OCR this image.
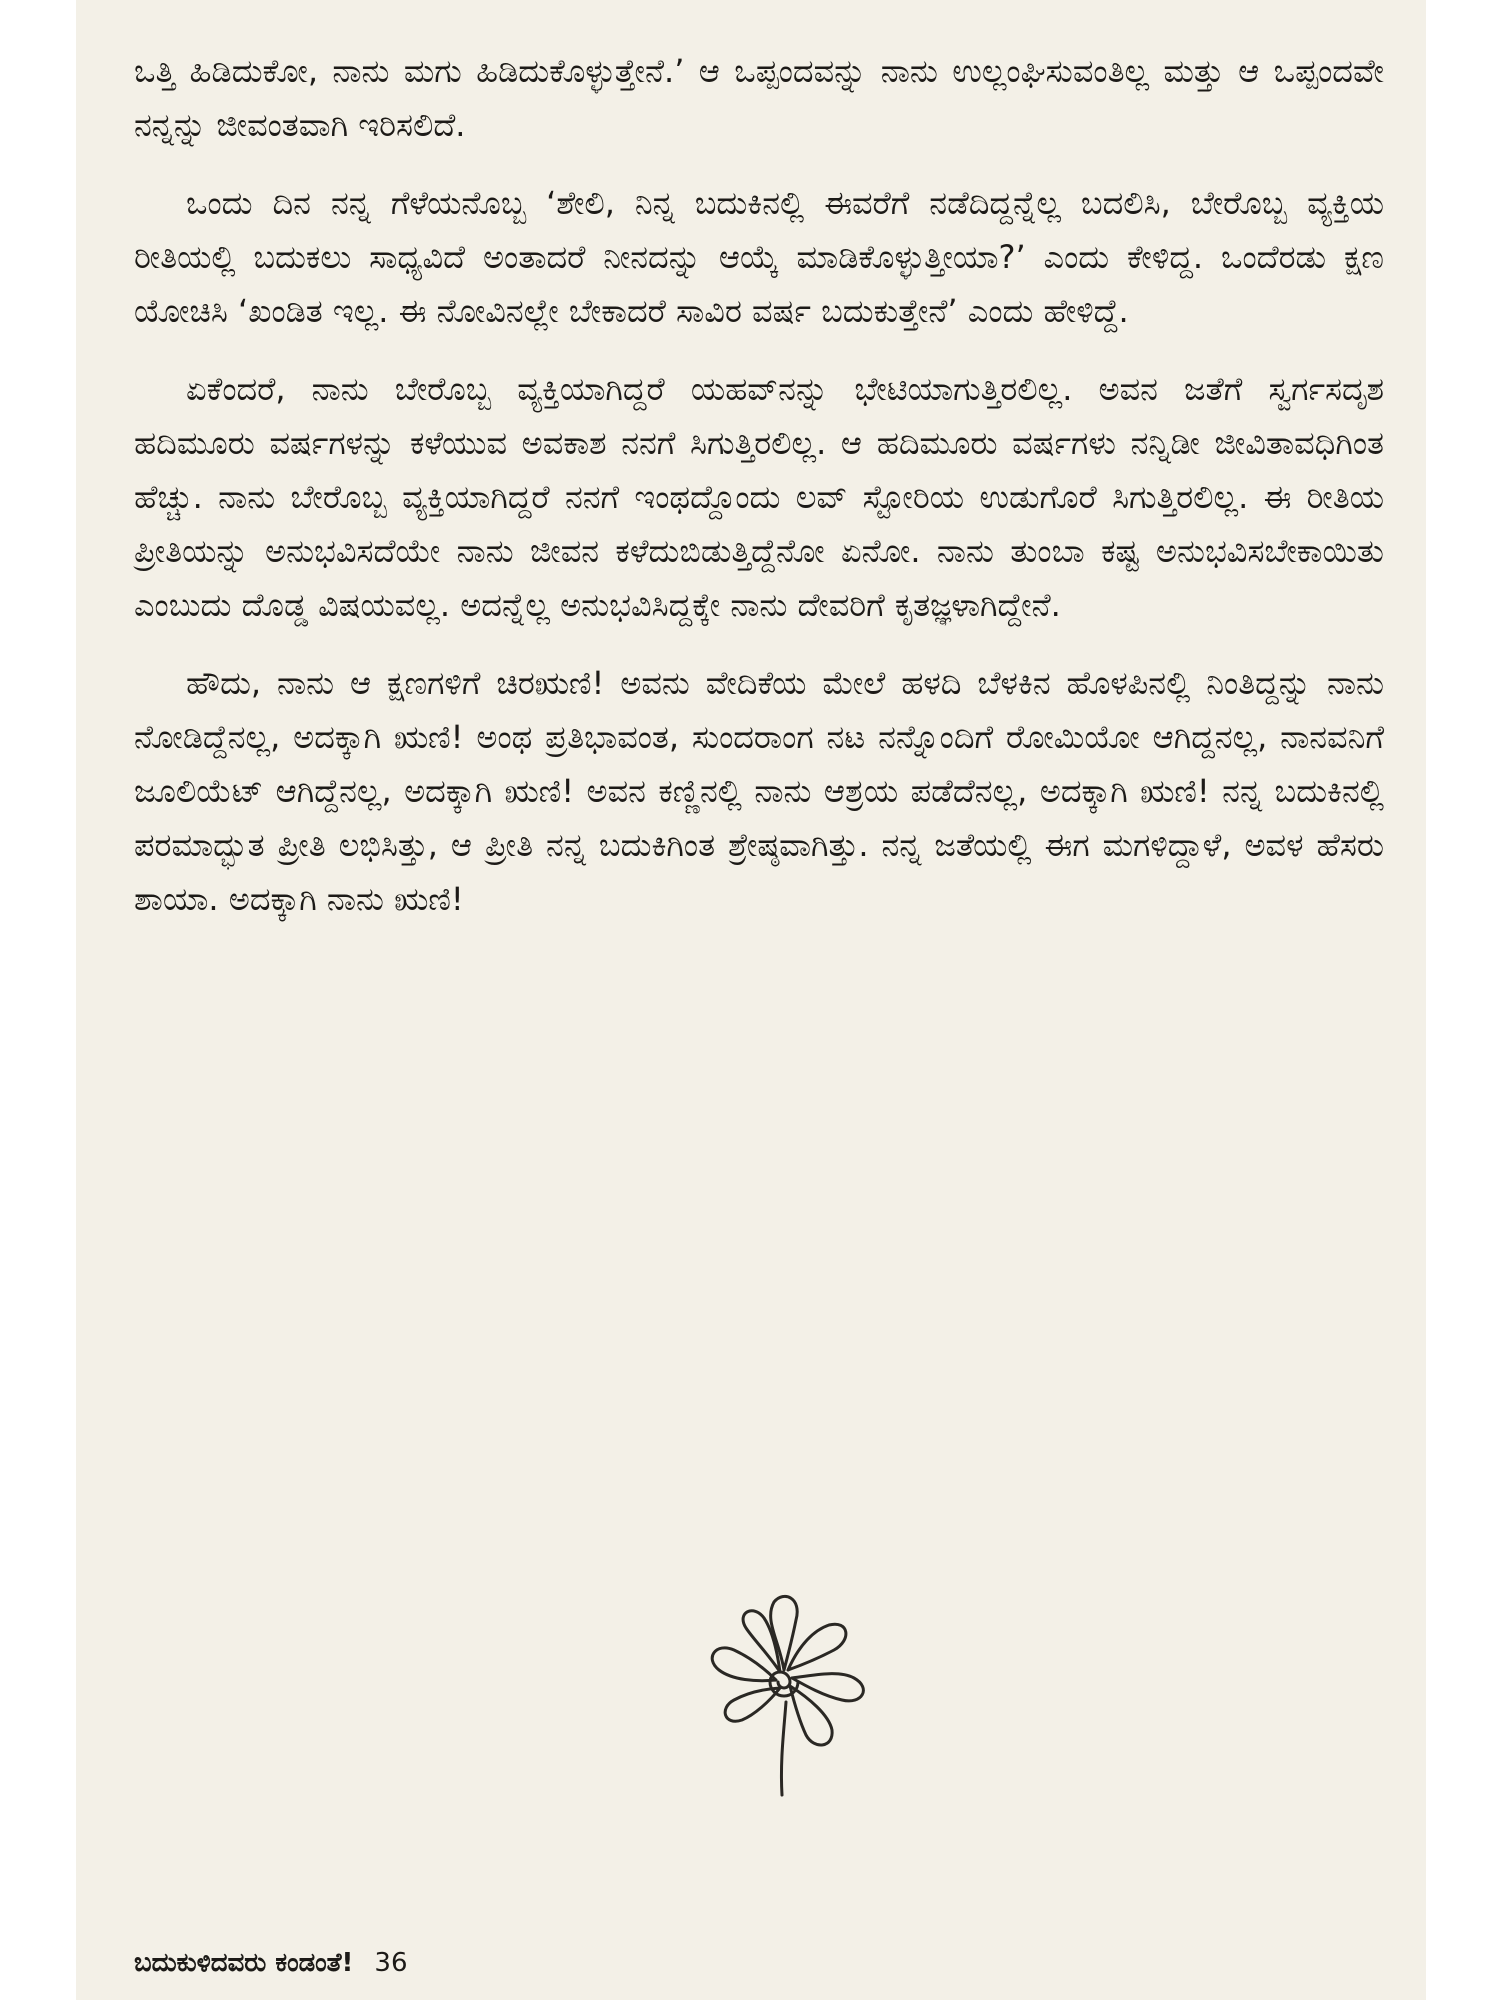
ಒತ್ತಿ ಹಿಡಿದುಕೋ, ನಾನು ಮಗು ಹಿಡಿದುಕೊಳ್ಳುತ್ತೇನೆ.’ ಆ ಒಪ್ಪಂದವನ್ನು ನಾನು ಉಲ್ಲಂಘಿಸುವಂತಿಲ್ಲ ಮತ್ತು ಆ ಒಪ್ಪಂದವೇ ನನ್ನನ್ನು ಜೀವಂತವಾಗಿ ಇರಿಸಲಿದೆ.

ಒಂದು ದಿನ ನನ್ನ ಗೆಳೆಯನೊಬ್ಬ ‘ಶೇಲಿ, ನಿನ್ನ ಬದುಕಿನಲ್ಲಿ ಈವರೆಗೆ ನಡೆದಿದ್ದನ್ನೆಲ್ಲ ಬದಲಿಸಿ, ಬೇರೊಬ್ಬ ವ್ಯಕ್ತಿಯ ರೀತಿಯಲ್ಲಿ ಬದುಕಲು ಸಾಧ್ಯವಿದೆ ಅಂತಾದರೆ ನೀನದನ್ನು ಆಯ್ಕೆ ಮಾಡಿಕೊಳ್ಳುತ್ತೀಯಾ?’ ಎಂದು ಕೇಳಿದ್ದ. ಒಂದೆರಡು ಕ್ಷಣ ಯೋಚಿಸಿ ‘ಖಂಡಿತ ಇಲ್ಲ. ಈ ನೋವಿನಲ್ಲೇ ಬೇಕಾದರೆ ಸಾವಿರ ವರ್ಷ ಬದುಕುತ್ತೇನೆ’ ಎಂದು ಹೇಳಿದ್ದೆ.

ಏಕೆಂದರೆ, ನಾನು ಬೇರೊಬ್ಬ ವ್ಯಕ್ತಿಯಾಗಿದ್ದರೆ ಯಹವ್‌ನನ್ನು ಭೇಟಿಯಾಗುತ್ತಿರಲಿಲ್ಲ. ಅವನ ಜತೆಗೆ ಸ್ವರ್ಗಸದೃಶ ಹದಿಮೂರು ವರ್ಷಗಳನ್ನು ಕಳೆಯುವ ಅವಕಾಶ ನನಗೆ ಸಿಗುತ್ತಿರಲಿಲ್ಲ. ಆ ಹದಿಮೂರು ವರ್ಷಗಳು ನನ್ನಿಡೀ ಜೀವಿತಾವಧಿಗಿಂತ ಹೆಚ್ಚು. ನಾನು ಬೇರೊಬ್ಬ ವ್ಯಕ್ತಿಯಾಗಿದ್ದರೆ ನನಗೆ ಇಂಥದ್ದೊಂದು ಲವ್ ಸ್ಟೋರಿಯ ಉಡುಗೊರೆ ಸಿಗುತ್ತಿರಲಿಲ್ಲ. ಈ ರೀತಿಯ ಪ್ರೀತಿಯನ್ನು ಅನುಭವಿಸದೆಯೇ ನಾನು ಜೀವನ ಕಳೆದುಬಿಡುತ್ತಿದ್ದೆನೋ ಏನೋ. ನಾನು ತುಂಬಾ ಕಷ್ಟ ಅನುಭವಿಸಬೇಕಾಯಿತು ಎಂಬುದು ದೊಡ್ಡ ವಿಷಯವಲ್ಲ. ಅದನ್ನೆಲ್ಲ ಅನುಭವಿಸಿದ್ದಕ್ಕೇ ನಾನು ದೇವರಿಗೆ ಕೃತಜ್ಞಳಾಗಿದ್ದೇನೆ.

ಹೌದು, ನಾನು ಆ ಕ್ಷಣಗಳಿಗೆ ಚಿರಋಣಿ! ಅವನು ವೇದಿಕೆಯ ಮೇಲೆ ಹಳದಿ ಬೆಳಕಿನ ಹೊಳಪಿನಲ್ಲಿ ನಿಂತಿದ್ದನ್ನು ನಾನು ನೋಡಿದ್ದೆನಲ್ಲ, ಅದಕ್ಕಾಗಿ ಋಣಿ! ಅಂಥ ಪ್ರತಿಭಾವಂತ, ಸುಂದರಾಂಗ ನಟ ನನ್ನೊಂದಿಗೆ ರೋಮಿಯೋ ಆಗಿದ್ದನಲ್ಲ, ನಾನವನಿಗೆ ಜೂಲಿಯೆಟ್ ಆಗಿದ್ದೆನಲ್ಲ, ಅದಕ್ಕಾಗಿ ಋಣಿ! ಅವನ ಕಣ್ಣಿನಲ್ಲಿ ನಾನು ಆಶ್ರಯ ಪಡೆದೆನಲ್ಲ, ಅದಕ್ಕಾಗಿ ಋಣಿ! ನನ್ನ ಬದುಕಿನಲ್ಲಿ ಪರಮಾದ್ಭುತ ಪ್ರೀತಿ ಲಭಿಸಿತ್ತು, ಆ ಪ್ರೀತಿ ನನ್ನ ಬದುಕಿಗಿಂತ ಶ್ರೇಷ್ಠವಾಗಿತ್ತು. ನನ್ನ ಜತೆಯಲ್ಲಿ ಈಗ ಮಗಳಿದ್ದಾಳೆ, ಅವಳ ಹೆಸರು ಶಾಯಾ. ಅದಕ್ಕಾಗಿ ನಾನು ಋಣಿ!

ಬದುಕುಳಿದವರು ಕಂಡಂತೆ! 36
